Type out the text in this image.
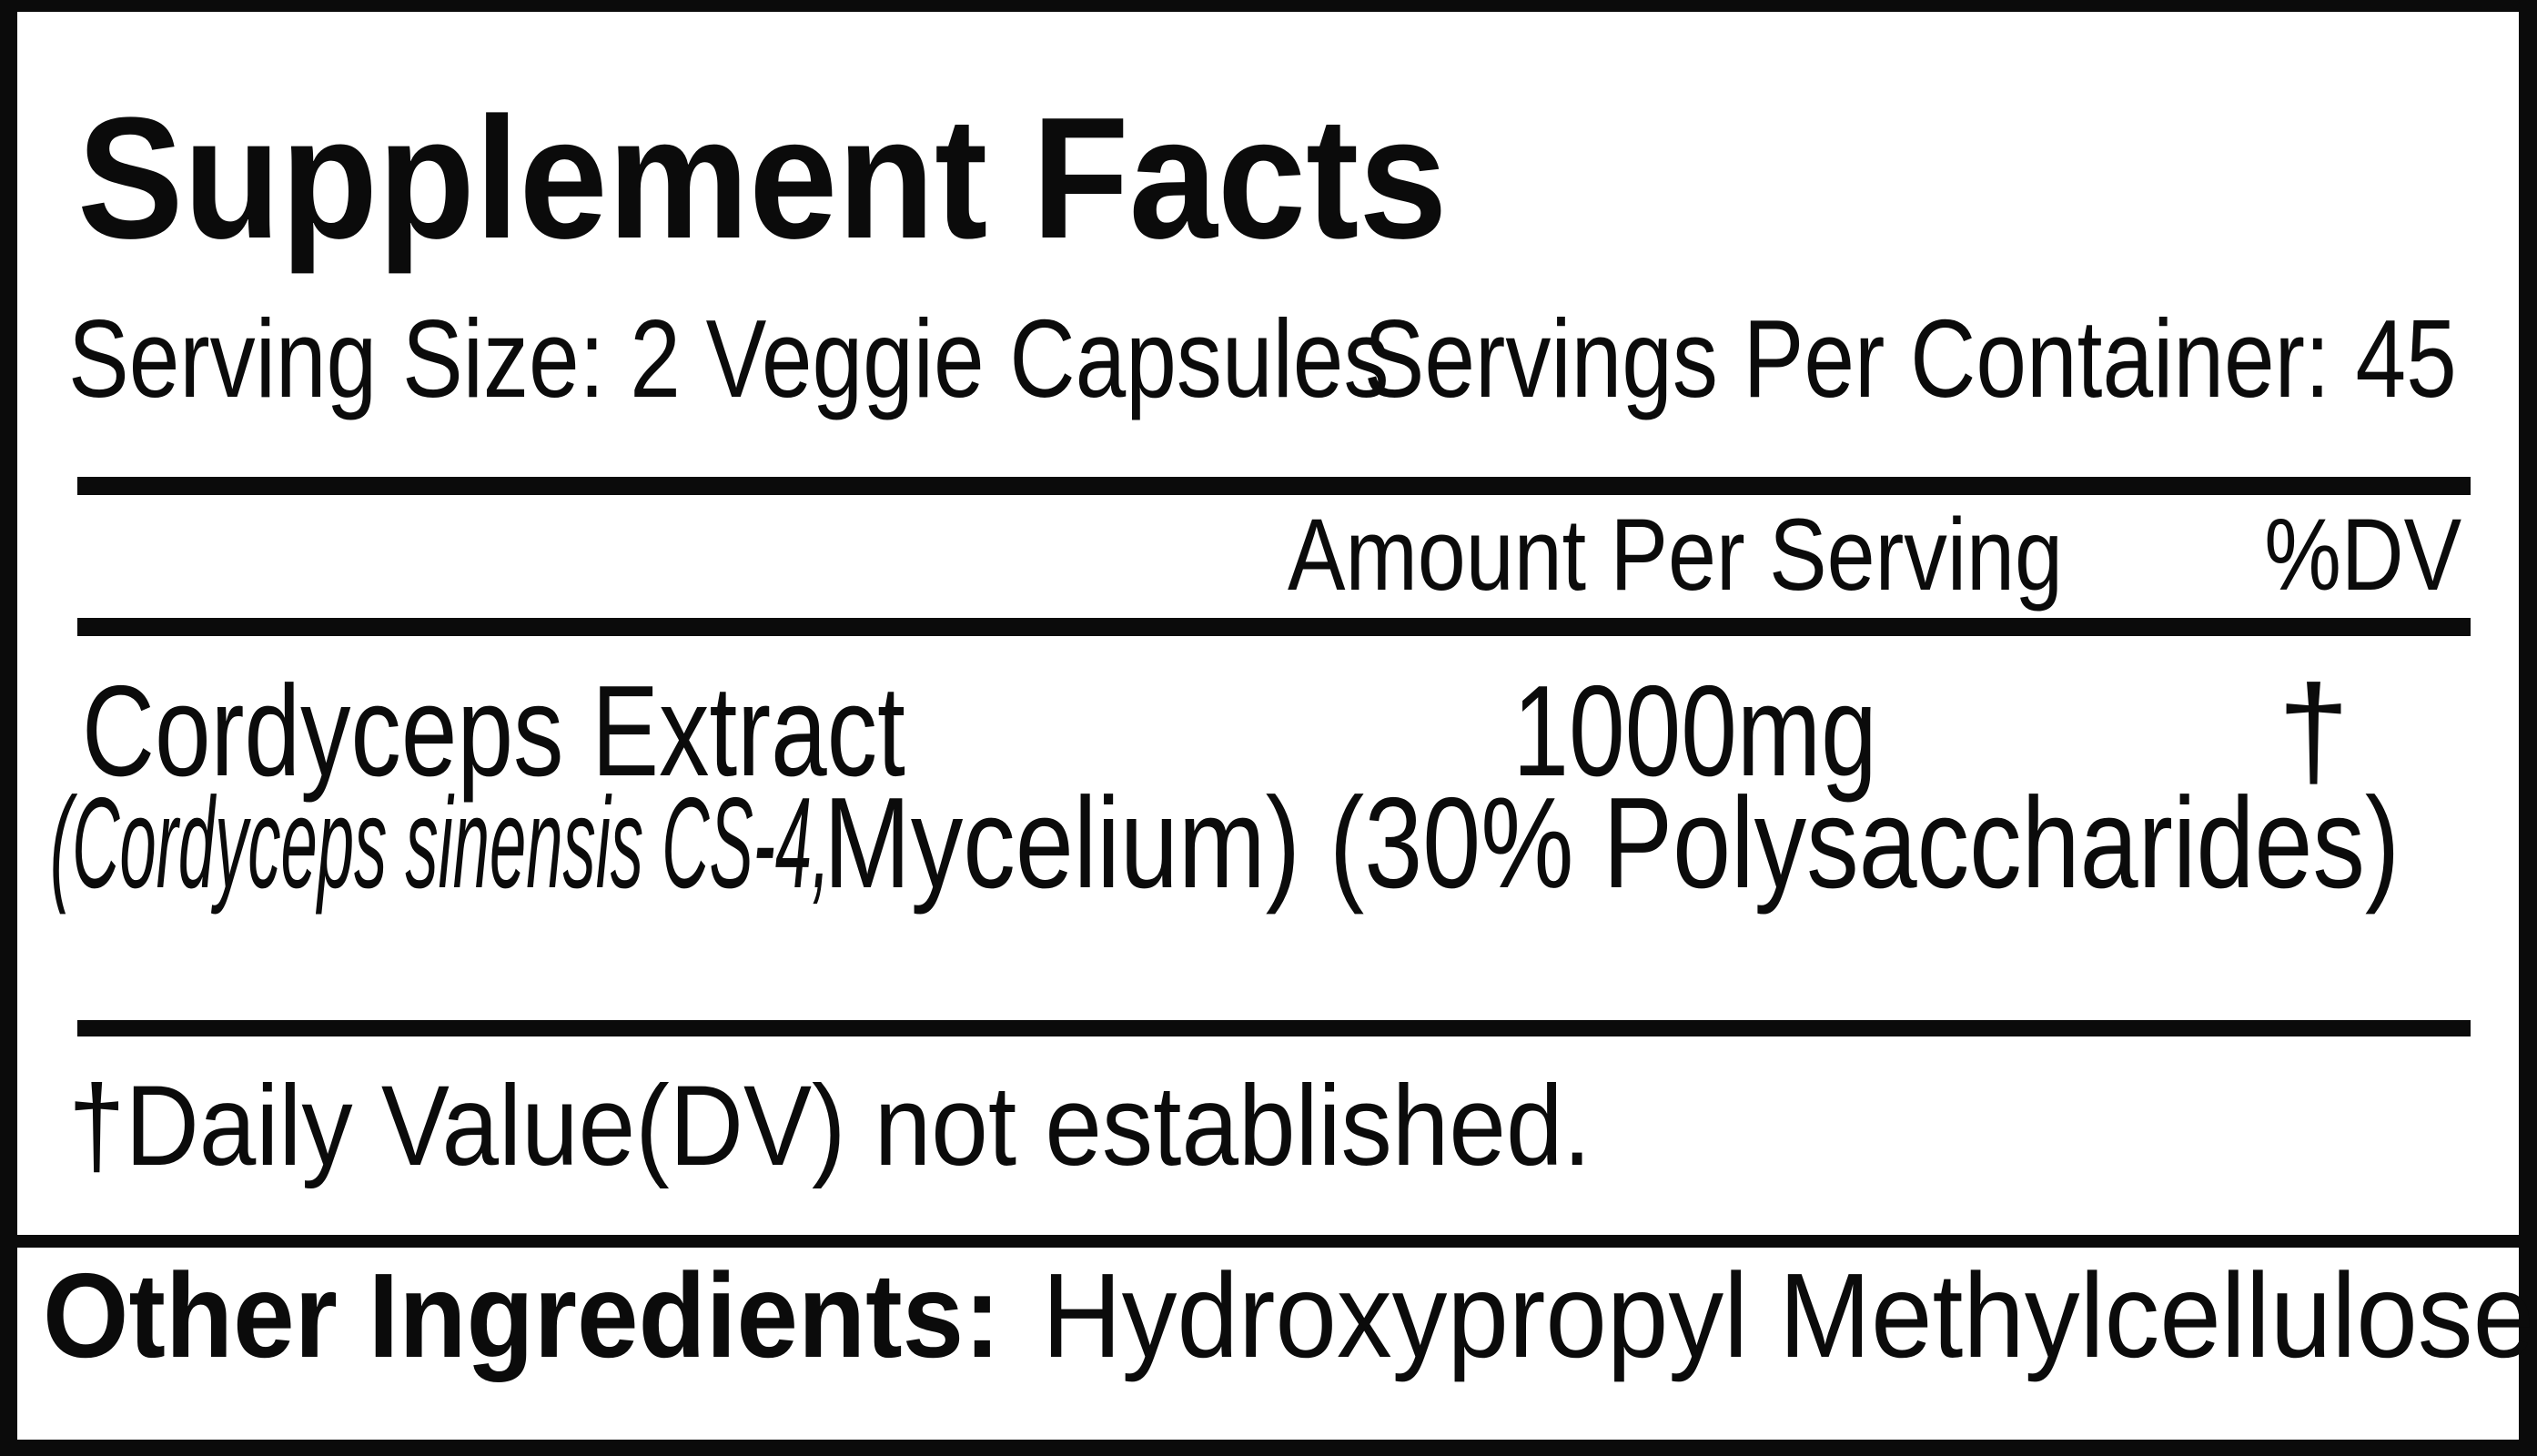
Supplement Facts
Serving Size: 2 Veggie Capsules
Servings Per Container: 45
Amount Per Serving %DV
Cordyceps Extract	1000mg	†
(Cordyceps sinensis CS-4,
Mycelium) (30% Polysaccharides)
†Daily Value(DV) not established.
Other Ingredients: Hydroxypropyl Methylcellulose
